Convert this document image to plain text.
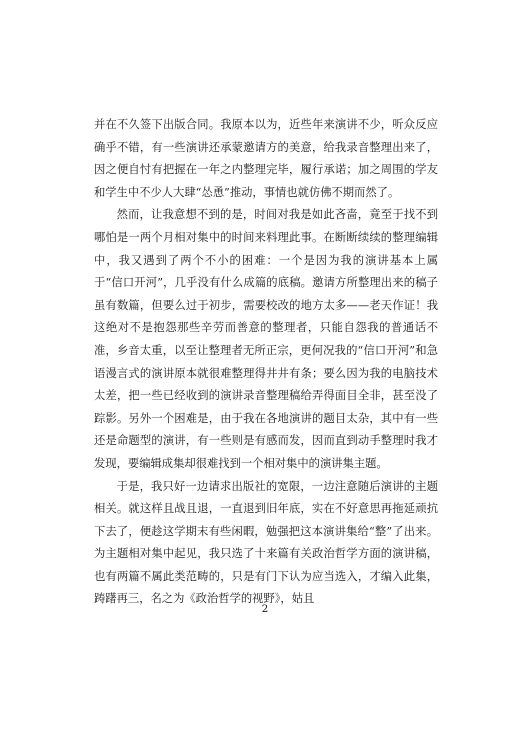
并在不久签下出版合同。我原本以为，近些年来演讲不少，听众反应确乎不错，有一些演讲还承蒙邀请方的美意，给我录音整理出来了，因之便自忖有把握在一年之内整理完毕，履行承诺；加之周围的学友和学生中不少人大肆“怂恿”推动，事情也就仿佛不期而然了。

然而，让我意想不到的是，时间对我是如此吝啬，竟至于找不到哪怕是一两个月相对集中的时间来料理此事。在断断续续的整理编辑中，我又遇到了两个不小的困难：一个是因为我的演讲基本上属于“信口开河”，几乎没有什么成篇的底稿。邀请方所整理出来的稿子虽有数篇，但要么过于初步，需要校改的地方太多——老天作证！我这绝对不是抱怨那些辛劳而善意的整理者，只能自怨我的普通话不准，乡音太重，以至让整理者无所正宗，更何况我的“信口开河”和急语漫言式的演讲原本就很难整理得井井有条；要么因为我的电脑技术太差，把一些已经收到的演讲录音整理稿给弄得面目全非，甚至没了踪影。另外一个困难是，由于我在各地演讲的题目太杂，其中有一些还是命题型的演讲，有一些则是有感而发，因而直到动手整理时我才发现，要编辑成集却很难找到一个相对集中的演讲集主题。

于是，我只好一边请求出版社的宽限，一边注意随后演讲的主题相关。就这样且战且退，一直退到旧年底，实在不好意思再拖延顽抗下去了，便趁这学期末有些闲暇，勉强把这本演讲集给“整”了出来。为主题相对集中起见，我只选了十来篇有关政治哲学方面的演讲稿，也有两篇不属此类范畴的，只是有门下认为应当选入，才编入此集，踌躇再三，名之为《政治哲学的视野》，姑且

2
